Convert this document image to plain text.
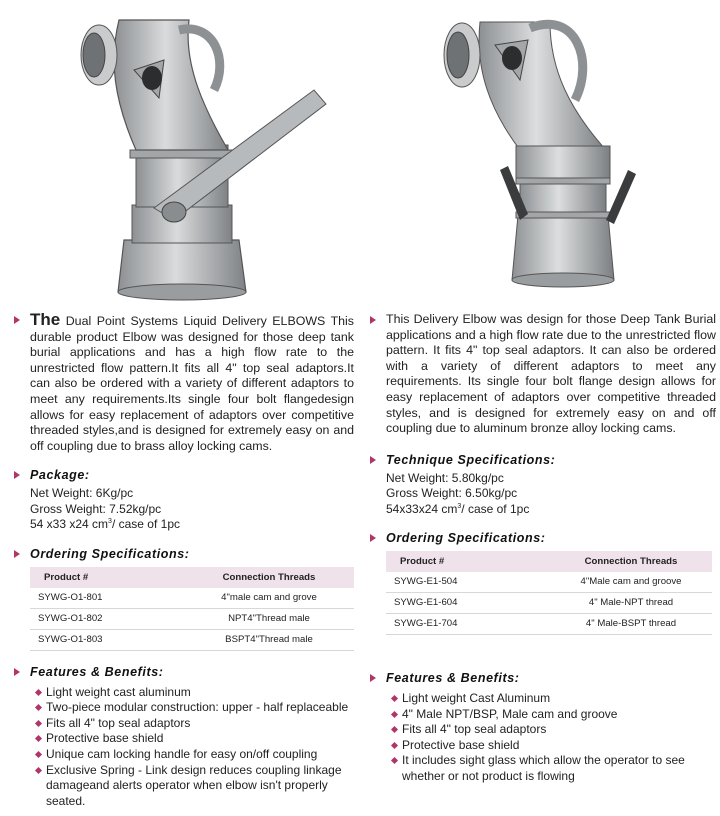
The Dual Point Systems Liquid Delivery ELBOWS This durable product Elbow was designed for those deep tank burial applications and has a high flow rate to the unrestricted flow pattern.It fits all 4" top seal adaptors.It can also be ordered with a variety of different adaptors to meet any requirements.Its single four bolt flangedesign allows for easy replacement of adaptors over competitive threaded styles,and is designed for extremely easy on and off coupling due to brass alloy locking cams.
Package:
Net Weight: 6Kg/pc
Gross Weight: 7.52kg/pc
54 x33 x24 $cm^3/$ case of 1pc
Ordering Specifications:
Product #	Connection Threads
SYWG-O1-801	4"male cam and grove
SYWG-O1-802	NPT4"Thread male
SYWG-O1-803	BSPT4"Thread male
Features & Benefits:
Light weight cast aluminum
Two-piece modular construction: upper - half replaceable
Fits all 4" top seal adaptors
Protective base shield
Unique cam locking handle for easy on/off coupling
Exclusive Spring - Link design reduces coupling linkage damageand alerts operator when elbow isn't properly seated.
This Delivery Elbow was design for those Deep Tank Burial applications and a high flow rate due to the unrestricted flow pattern. It fits 4" top seal adaptors. It can also be ordered with a variety of different adaptors to meet any requirements. Its single four bolt flange design allows for easy replacement of adaptors over competitive threaded styles, and is designed for extremely easy on and off coupling due to aluminum bronze alloy locking cams.
Technique Specifications:
Net Weight: 5.80kg/pc
Gross Weight: 6.50kg/pc
54x33x24 $cm^3/$ case of 1pc
Ordering Specifications:
Product #	Connection Threads
SYWG-E1-504	4"Male cam and groove
SYWG-E1-604	4" Male-NPT thread
SYWG-E1-704	4" Male-BSPT thread
Features & Benefits:
Light weight Cast Aluminum
4" Male NPT/BSP, Male cam and groove
Fits all 4" top seal adaptors
Protective base shield
It includes sight glass which allow the operator to see whether or not product is flowing
